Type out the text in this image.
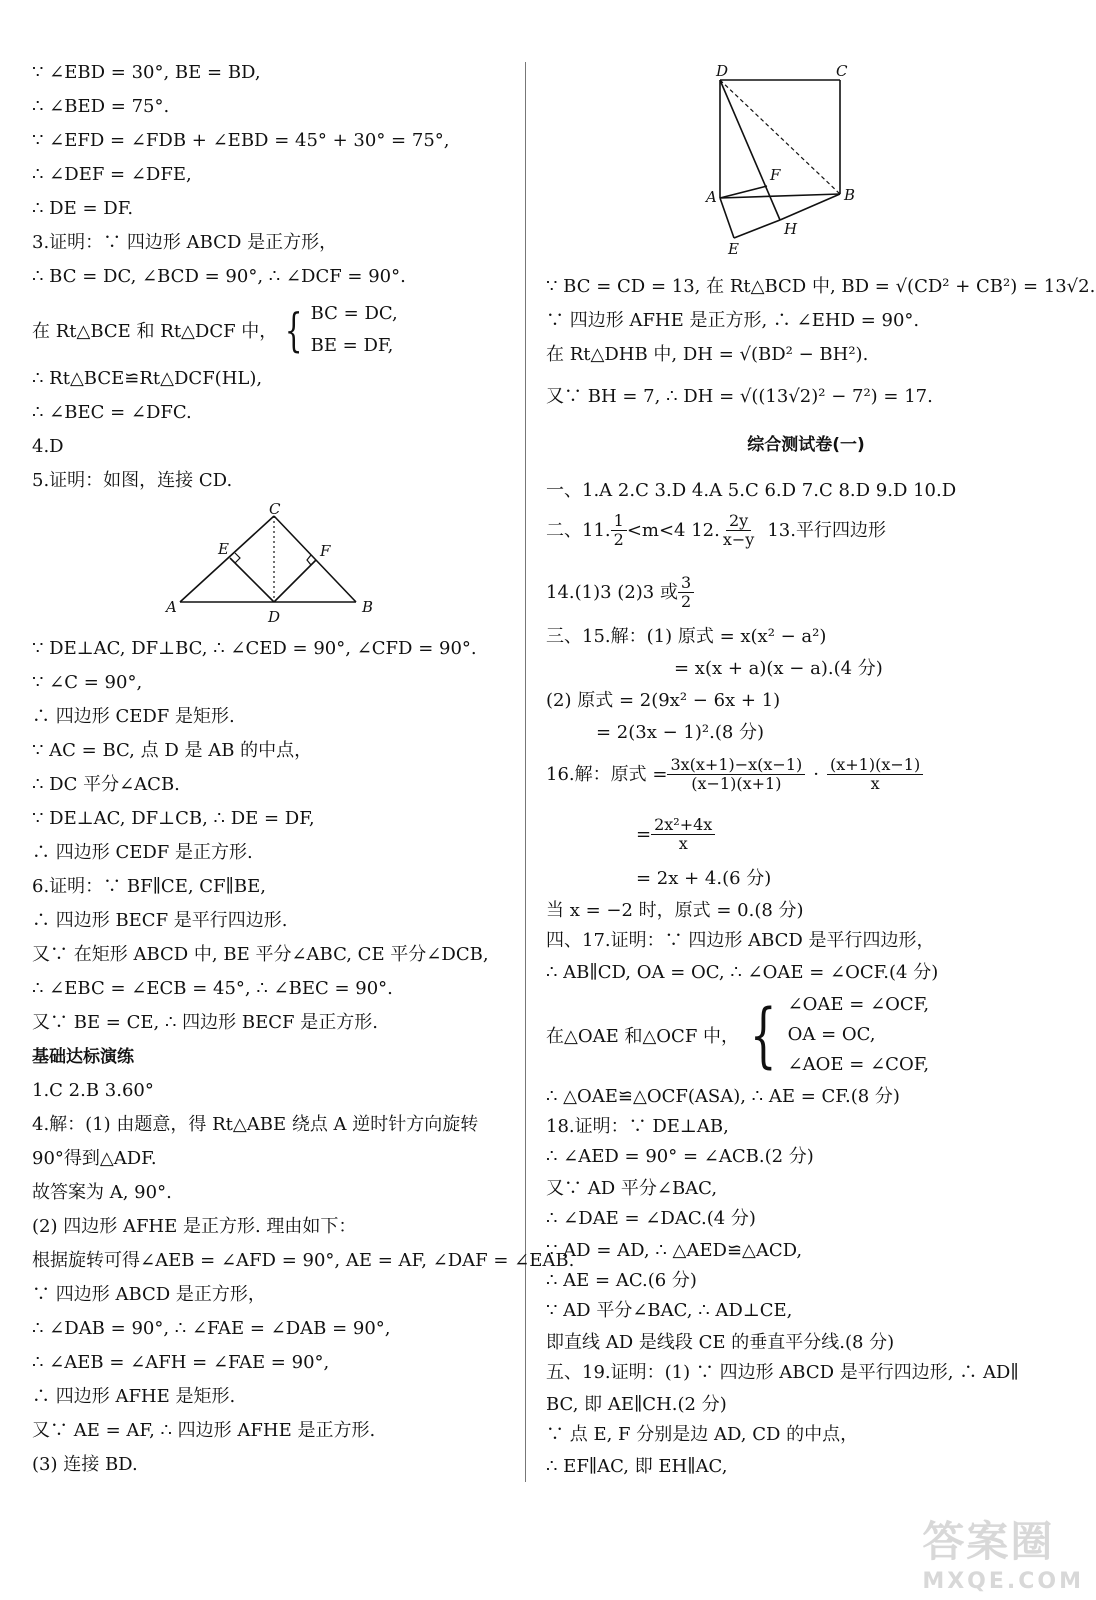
∵ ∠EBD = 30°, BE = BD,
∴ ∠BED = 75°.
∵ ∠EFD = ∠FDB + ∠EBD = 45° + 30° = 75°,
∴ ∠DEF = ∠DFE,
∴ DE = DF.
3.证明：∵ 四边形 ABCD 是正方形，
∴ BC = DC, ∠BCD = 90°, ∴ ∠DCF = 90°.
在 Rt△BCE 和 Rt△DCF 中， { BC = DC,
BE = DF,
∴ Rt△BCE≌Rt△DCF(HL),
∴ ∠BEC = ∠DFC.
4.D
5.证明：如图，连接 CD.
C
E	F
A
D
B
∵ DE⊥AC, DF⊥BC, ∴ ∠CED = 90°, ∠CFD = 90°.
∵ ∠C = 90°,
∴ 四边形 CEDF 是矩形.
∵ AC = BC, 点 D 是 AB 的中点，
∴ DC 平分∠ACB.
∵ DE⊥AC, DF⊥CB, ∴ DE = DF,
∴ 四边形 CEDF 是正方形.
6.证明：∵ BF∥CE, CF∥BE,
∴ 四边形 BECF 是平行四边形.
又∵ 在矩形 ABCD 中, BE 平分∠ABC, CE 平分∠DCB,
∴ ∠EBC = ∠ECB = 45°, ∴ ∠BEC = 90°.
又∵ BE = CE, ∴ 四边形 BECF 是正方形.
基础达标演练
1.C 2.B 3.60°
4.解：(1) 由题意，得 Rt△ABE 绕点 A 逆时针方向旋转
90°得到△ADF.
故答案为 A, 90°.
(2) 四边形 AFHE 是正方形. 理由如下：
根据旋转可得∠AEB = ∠AFD = 90°, AE = AF, ∠DAF = ∠EAB.
∵ 四边形 ABCD 是正方形，
∴ ∠DAB = 90°, ∴ ∠FAE = ∠DAB = 90°,
∴ ∠AEB = ∠AFH = ∠FAE = 90°,
∴ 四边形 AFHE 是矩形.
又∵ AE = AF, ∴ 四边形 AFHE 是正方形.
(3) 连接 BD.
D	C
F
A	B
H
E
∵ BC = CD = 13, 在 Rt△BCD 中, BD = √(CD² + CB²) = 13√2.
∵ 四边形 AFHE 是正方形, ∴ ∠EHD = 90°.
在 Rt△DHB 中, DH = √(BD² − BH²).
又∵ BH = 7, ∴ DH = √((13√2)² − 7²) = 17.
综合测试卷(一)
一、1.A 2.C 3.D 4.A 5.C 6.D 7.C 8.D 9.D 10.D
二、11. $\frac{1}{2} <m<4$ 12. $\frac{2y}{x-y} 13$.平行四边形
14.(1)3 (2)3 或 $\frac{3}{2}$
三、15.解：(1) 原式 = x(x² − a²)
= x(x + a)(x − a).(4 分)
(2) 原式 = 2(9x² − 6x + 1)
= 2(3x − 1)².(8 分)
16.解：原式 = $\frac{3x(x+1)-x(x-1)}{(x-1)(x+1)} \cdot \frac{(x+1)(x-1)}{x}$
= $\frac{\text{2x²+4x}}{x}$
= 2x + 4.(6 分)
当 x = −2 时，原式 = 0.(8 分)
四、17.证明：∵ 四边形 ABCD 是平行四边形，
∴ AB∥CD, OA = OC, ∴ ∠OAE = ∠OCF.(4 分)
在△OAE 和△OCF 中， { ∠OAE = ∠OCF,
OA = OC,
∠AOE = ∠COF,
∴ △OAE≌△OCF(ASA), ∴ AE = CF.(8 分)
18.证明：∵ DE⊥AB,
∴ ∠AED = 90° = ∠ACB.(2 分)
又∵ AD 平分∠BAC,
∴ ∠DAE = ∠DAC.(4 分)
∵ AD = AD, ∴ △AED≌△ACD,
∴ AE = AC.(6 分)
∵ AD 平分∠BAC, ∴ AD⊥CE,
即直线 AD 是线段 CE 的垂直平分线.(8 分)
五、19.证明：(1) ∵ 四边形 ABCD 是平行四边形, ∴ AD∥
BC, 即 AE∥CH.(2 分)
∵ 点 E, F 分别是边 AD, CD 的中点，
∴ EF∥AC, 即 EH∥AC,
答案圈
MXQE.COM
